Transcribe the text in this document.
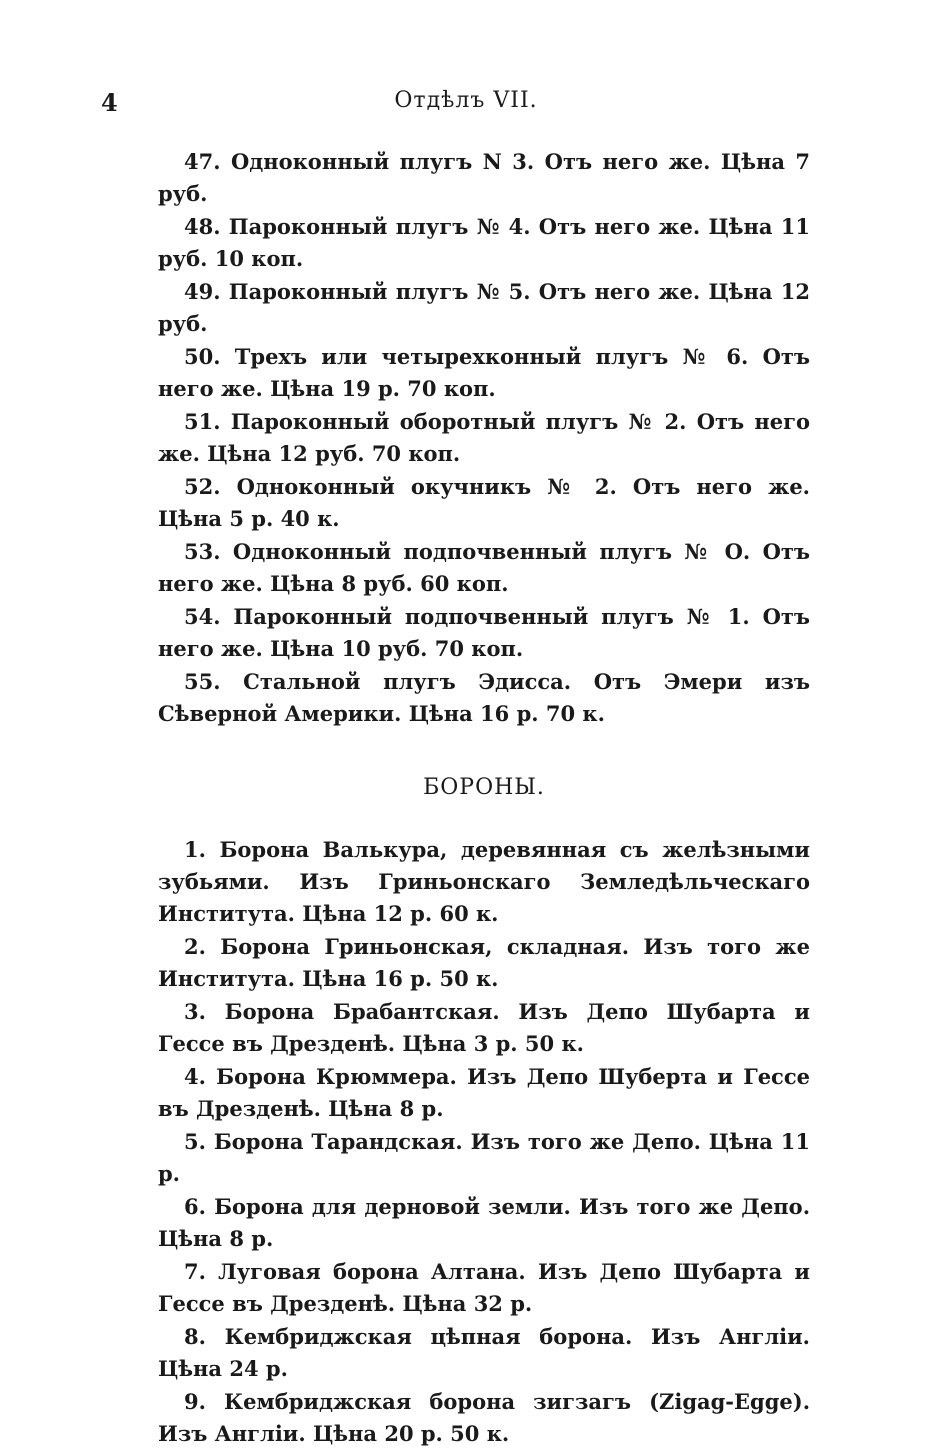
4	Отдѣлъ VII.

47. Одноконный плугъ N 3. Отъ него же. Цѣна 7 руб.

48. Пароконный плугъ № 4. Отъ него же. Цѣна 11 руб. 10 коп.

49. Пароконный плугъ № 5. Отъ него же. Цѣна 12 руб.

50. Трехъ или четырехконный плугъ № 6. Отъ него же. Цѣна 19 р. 70 коп.

51. Пароконный оборотный плугъ № 2. Отъ него же. Цѣна 12 руб. 70 коп.

52. Одноконный окучникъ № 2. Отъ него же. Цѣна 5 р. 40 к.

53. Одноконный подпочвенный плугъ № О. Отъ него же. Цѣна 8 руб. 60 коп.

54. Пароконный подпочвенный плугъ № 1. Отъ него же. Цѣна 10 руб. 70 коп.

55. Стальной плугъ Эдисса. Отъ Эмери изъ Сѣверной Америки. Цѣна 16 р. 70 к.

БОРОНЫ.

1. Борона Валькура, деревянная съ желѣзными зубьями. Изъ Гриньонскаго Земледѣльческаго Института. Цѣна 12 р. 60 к.

2. Борона Гриньонская, складная. Изъ того же Института. Цѣна 16 р. 50 к.

3. Борона Брабантская. Изъ Депо Шубарта и Гессе въ Дрезденѣ. Цѣна 3 р. 50 к.

4. Борона Крюммера. Изъ Депо Шуберта и Гессе въ Дрезденѣ. Цѣна 8 р.

5. Борона Тарандская. Изъ того же Депо. Цѣна 11 р.

6. Борона для дерновой земли. Изъ того же Депо. Цѣна 8 р.

7. Луговая борона Алтана. Изъ Депо Шубарта и Гессе въ Дрезденѣ. Цѣна 32 р.

8. Кембриджская цѣпная борона. Изъ Англіи. Цѣна 24 р.

9. Кембриджская борона зигзагъ (Zigag-Egge). Изъ Англіи. Цѣна 20 р. 50 к.
